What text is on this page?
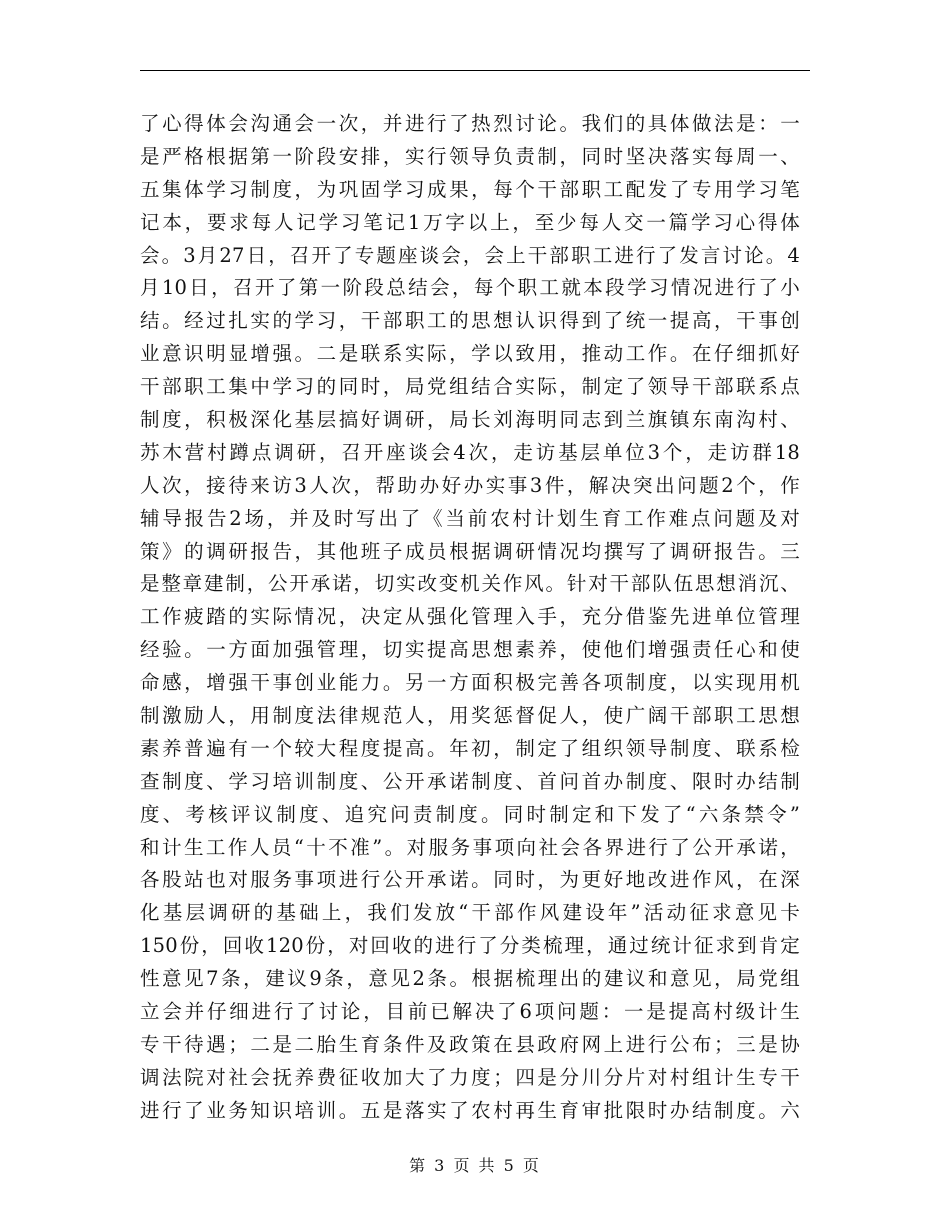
了心得体会沟通会一次，并进行了热烈讨论。我们的具体做法是：一
是严格根据第一阶段安排，实行领导负责制，同时坚决落实每周一、
五集体学习制度，为巩固学习成果，每个干部职工配发了专用学习笔
记本，要求每人记学习笔记1万字以上，至少每人交一篇学习心得体
会。3月27日，召开了专题座谈会，会上干部职工进行了发言讨论。4
月10日，召开了第一阶段总结会，每个职工就本段学习情况进行了小
结。经过扎实的学习，干部职工的思想认识得到了统一提高，干事创
业意识明显增强。二是联系实际，学以致用，推动工作。在仔细抓好
干部职工集中学习的同时，局党组结合实际，制定了领导干部联系点
制度，积极深化基层搞好调研，局长刘海明同志到兰旗镇东南沟村、
苏木营村蹲点调研，召开座谈会4次，走访基层单位3个，走访群18
人次，接待来访3人次，帮助办好办实事3件，解决突出问题2个，作
辅导报告2场，并及时写出了《当前农村计划生育工作难点问题及对
策》的调研报告，其他班子成员根据调研情况均撰写了调研报告。三
是整章建制，公开承诺，切实改变机关作风。针对干部队伍思想消沉、
工作疲踏的实际情况，决定从强化管理入手，充分借鉴先进单位管理
经验。一方面加强管理，切实提高思想素养，使他们增强责任心和使
命感，增强干事创业能力。另一方面积极完善各项制度，以实现用机
制激励人，用制度法律规范人，用奖惩督促人，使广阔干部职工思想
素养普遍有一个较大程度提高。年初，制定了组织领导制度、联系检
查制度、学习培训制度、公开承诺制度、首问首办制度、限时办结制
度、考核评议制度、追究问责制度。同时制定和下发了“六条禁令”
和计生工作人员“十不准”。对服务事项向社会各界进行了公开承诺，
各股站也对服务事项进行公开承诺。同时，为更好地改进作风，在深
化基层调研的基础上，我们发放“干部作风建设年”活动征求意见卡
150份，回收120份，对回收的进行了分类梳理，通过统计征求到肯定
性意见7条，建议9条，意见2条。根据梳理出的建议和意见，局党组
立会并仔细进行了讨论，目前已解决了6项问题：一是提高村级计生
专干待遇；二是二胎生育条件及政策在县政府网上进行公布；三是协
调法院对社会抚养费征收加大了力度；四是分川分片对村组计生专干
进行了业务知识培训。五是落实了农村再生育审批限时办结制度。六
第 3 页 共 5 页
